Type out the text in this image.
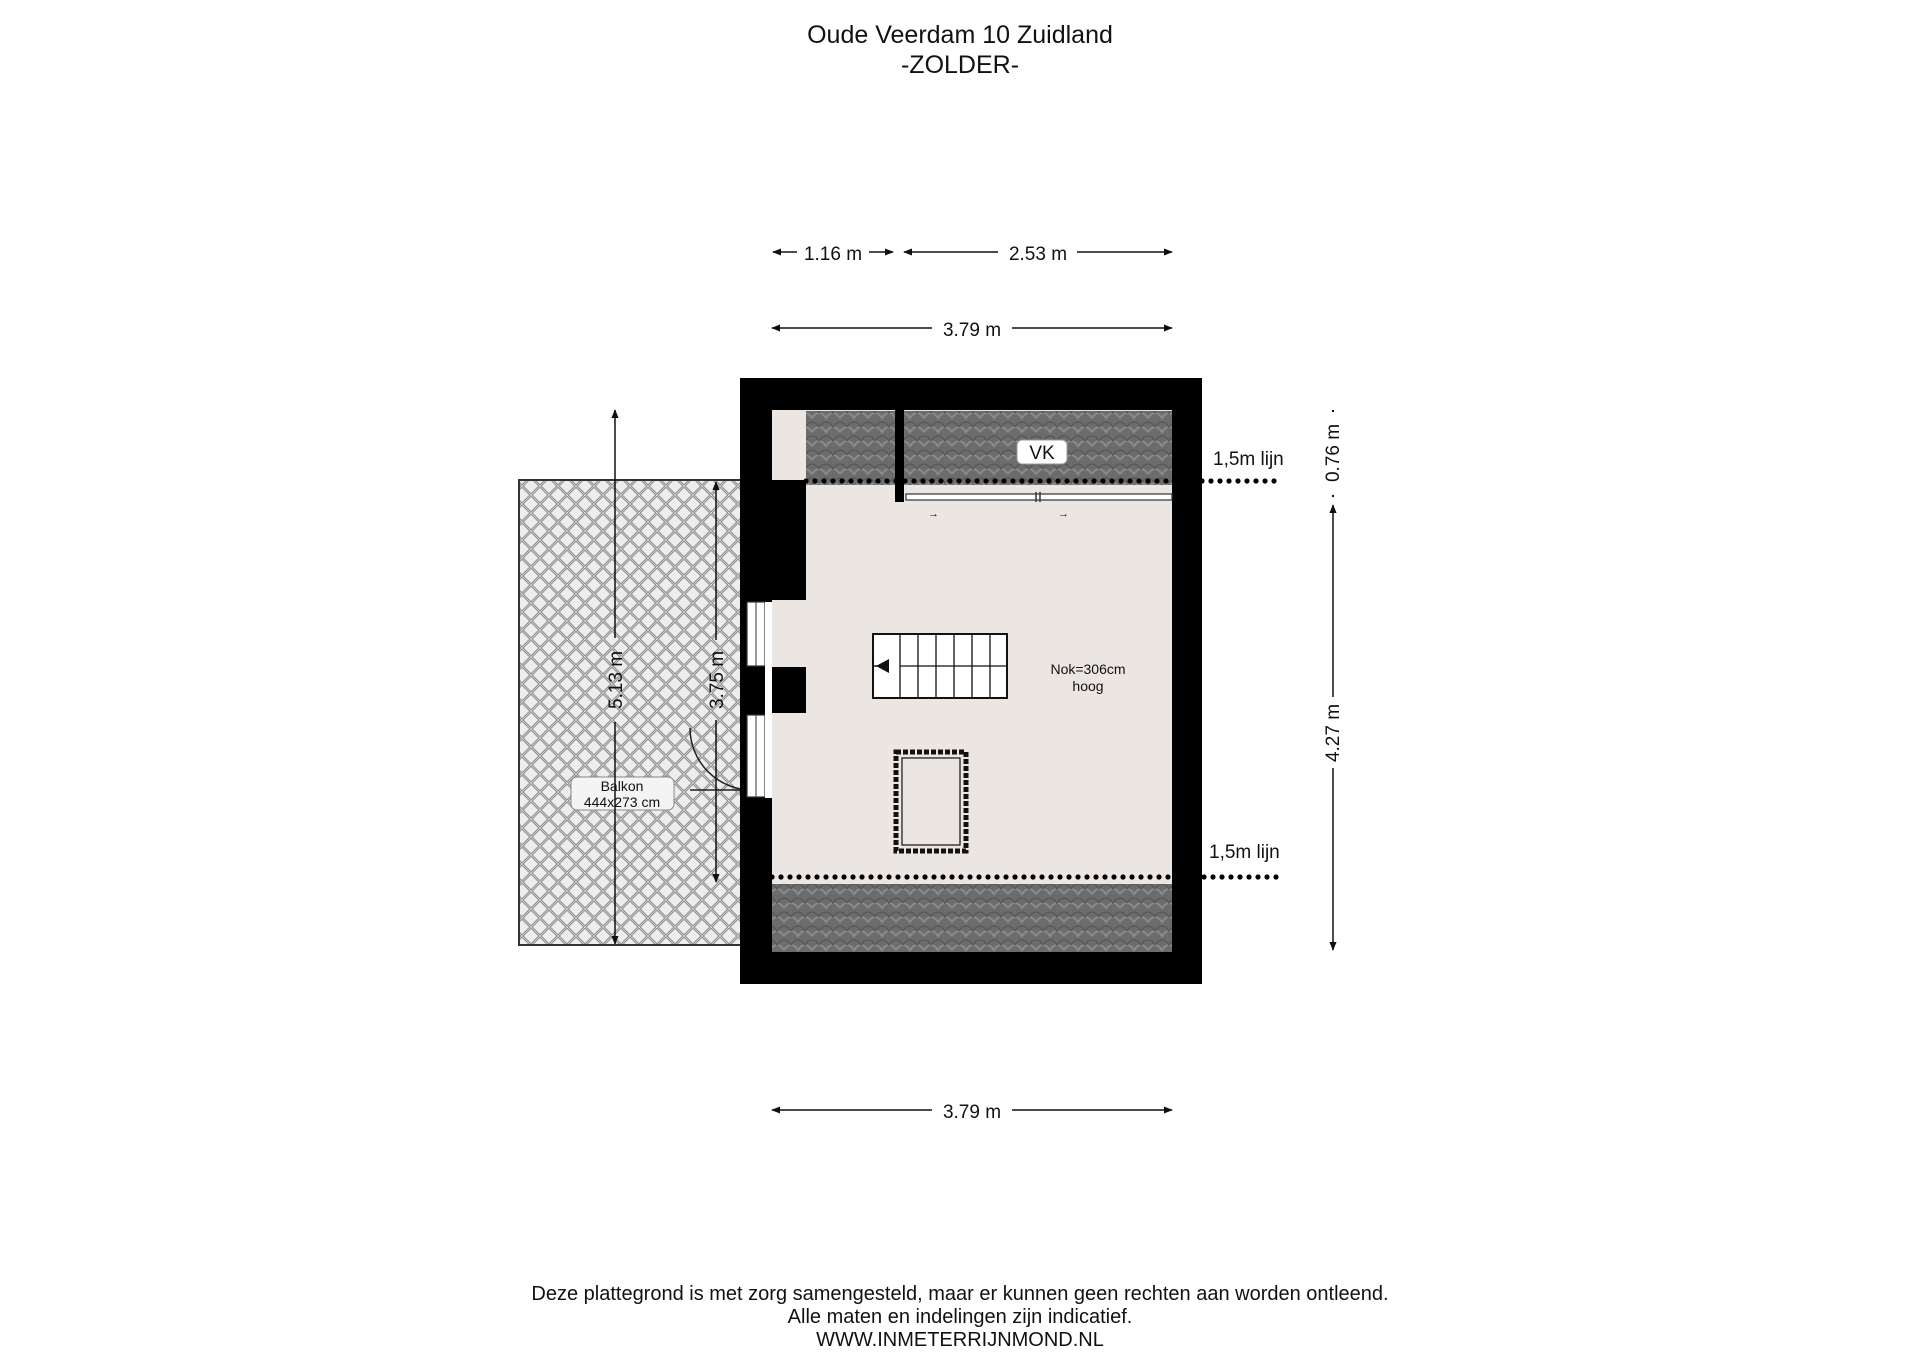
Oude Veerdam 10 Zuidland
-ZOLDER-
Balkon
444x273 cm
→	→
VK	1,5m lijn
1,5m lijn
Nok=306cm
hoog
1.16 m	2.53 m
3.79 m
3.79 m
0.76 m
4.27 m
5.13 m	3.75 m
Deze plattegrond is met zorg samengesteld, maar er kunnen geen rechten aan worden ontleend.
Alle maten en indelingen zijn indicatief.
WWW.INMETERRIJNMOND.NL
